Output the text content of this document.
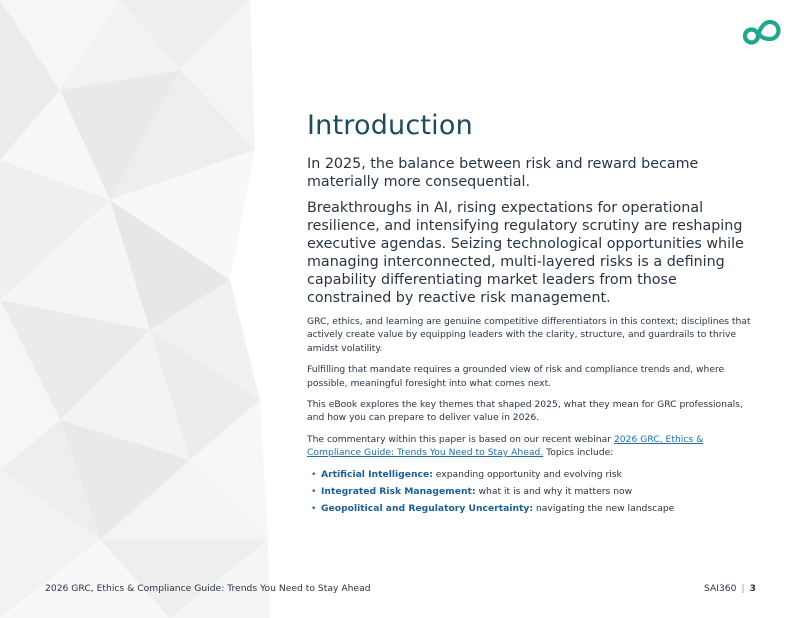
Introduction

In 2025, the balance between risk and reward became materially more consequential.

Breakthroughs in AI, rising expectations for operational resilience, and intensifying regulatory scrutiny are reshaping executive agendas. Seizing technological opportunities while managing interconnected, multi-layered risks is a defining capability differentiating market leaders from those constrained by reactive risk management.

GRC, ethics, and learning are genuine competitive differentiators in this context; disciplines that actively create value by equipping leaders with the clarity, structure, and guardrails to thrive amidst volatility.

Fulfilling that mandate requires a grounded view of risk and compliance trends and, where possible, meaningful foresight into what comes next.

This eBook explores the key themes that shaped 2025, what they mean for GRC professionals, and how you can prepare to deliver value in 2026.

The commentary within this paper is based on our recent webinar 2026 GRC, Ethics & Compliance Guide: Trends You Need to Stay Ahead. Topics include:

• Artificial Intelligence: expanding opportunity and evolving risk
• Integrated Risk Management: what it is and why it matters now
• Geopolitical and Regulatory Uncertainty: navigating the new landscape
2026 GRC, Ethics & Compliance Guide: Trends You Need to Stay Ahead	SAI360 | 3
